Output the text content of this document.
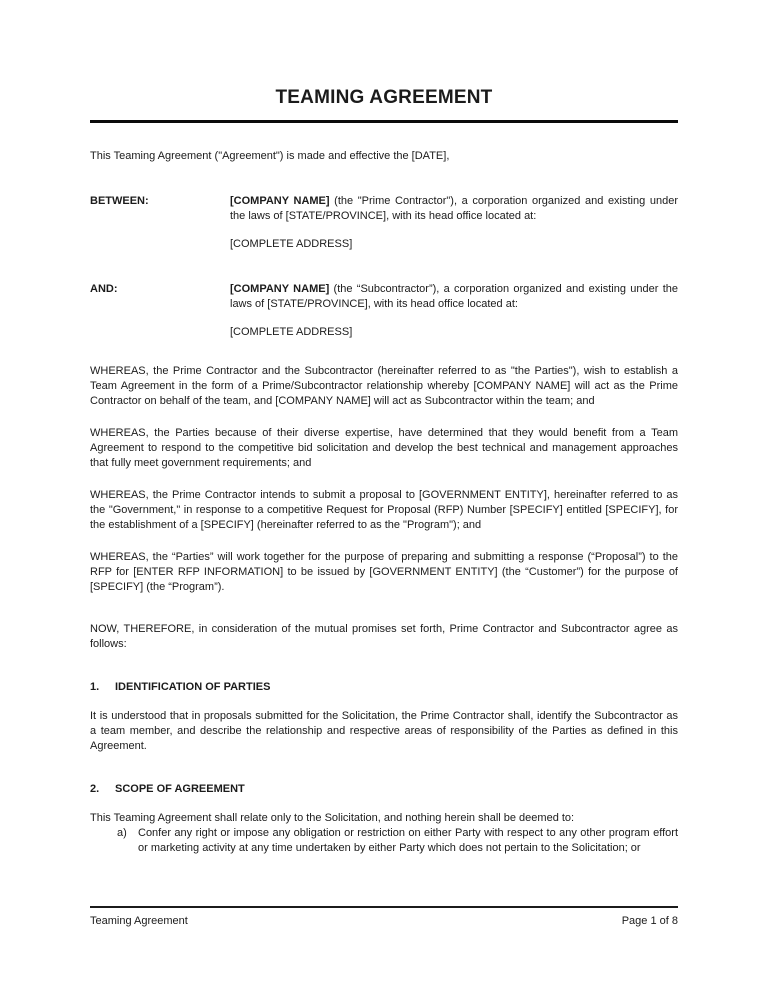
TEAMING AGREEMENT

This Teaming Agreement ("Agreement") is made and effective the [DATE],

BETWEEN:	[COMPANY NAME] (the "Prime Contractor"), a corporation organized and existing under the laws of [STATE/PROVINCE], with its head office located at:

[COMPLETE ADDRESS]

AND:	[COMPANY NAME] (the “Subcontractor”), a corporation organized and existing under the laws of [STATE/PROVINCE], with its head office located at:

[COMPLETE ADDRESS]

WHEREAS, the Prime Contractor and the Subcontractor (hereinafter referred to as "the Parties"), wish to establish a Team Agreement in the form of a Prime/Subcontractor relationship whereby [COMPANY NAME] will act as the Prime Contractor on behalf of the team, and [COMPANY NAME] will act as Subcontractor within the team; and

WHEREAS, the Parties because of their diverse expertise, have determined that they would benefit from a Team Agreement to respond to the competitive bid solicitation and develop the best technical and management approaches that fully meet government requirements; and

WHEREAS, the Prime Contractor intends to submit a proposal to [GOVERNMENT ENTITY], hereinafter referred to as the "Government," in response to a competitive Request for Proposal (RFP) Number [SPECIFY] entitled [SPECIFY], for the establishment of a [SPECIFY] (hereinafter referred to as the "Program"); and

WHEREAS, the “Parties” will work together for the purpose of preparing and submitting a response (“Proposal”) to the RFP for [ENTER RFP INFORMATION] to be issued by [GOVERNMENT ENTITY] (the “Customer”) for the purpose of [SPECIFY] (the “Program”).

NOW, THEREFORE, in consideration of the mutual promises set forth, Prime Contractor and Subcontractor agree as follows:

1.	IDENTIFICATION OF PARTIES

It is understood that in proposals submitted for the Solicitation, the Prime Contractor shall, identify the Subcontractor as a team member, and describe the relationship and respective areas of responsibility of the Parties as defined in this Agreement.

2.	SCOPE OF AGREEMENT

This Teaming Agreement shall relate only to the Solicitation, and nothing herein shall be deemed to:

a)	Confer any right or impose any obligation or restriction on either Party with respect to any other program effort or marketing activity at any time undertaken by either Party which does not pertain to the Solicitation; or

Teaming Agreement	Page 1 of 8
